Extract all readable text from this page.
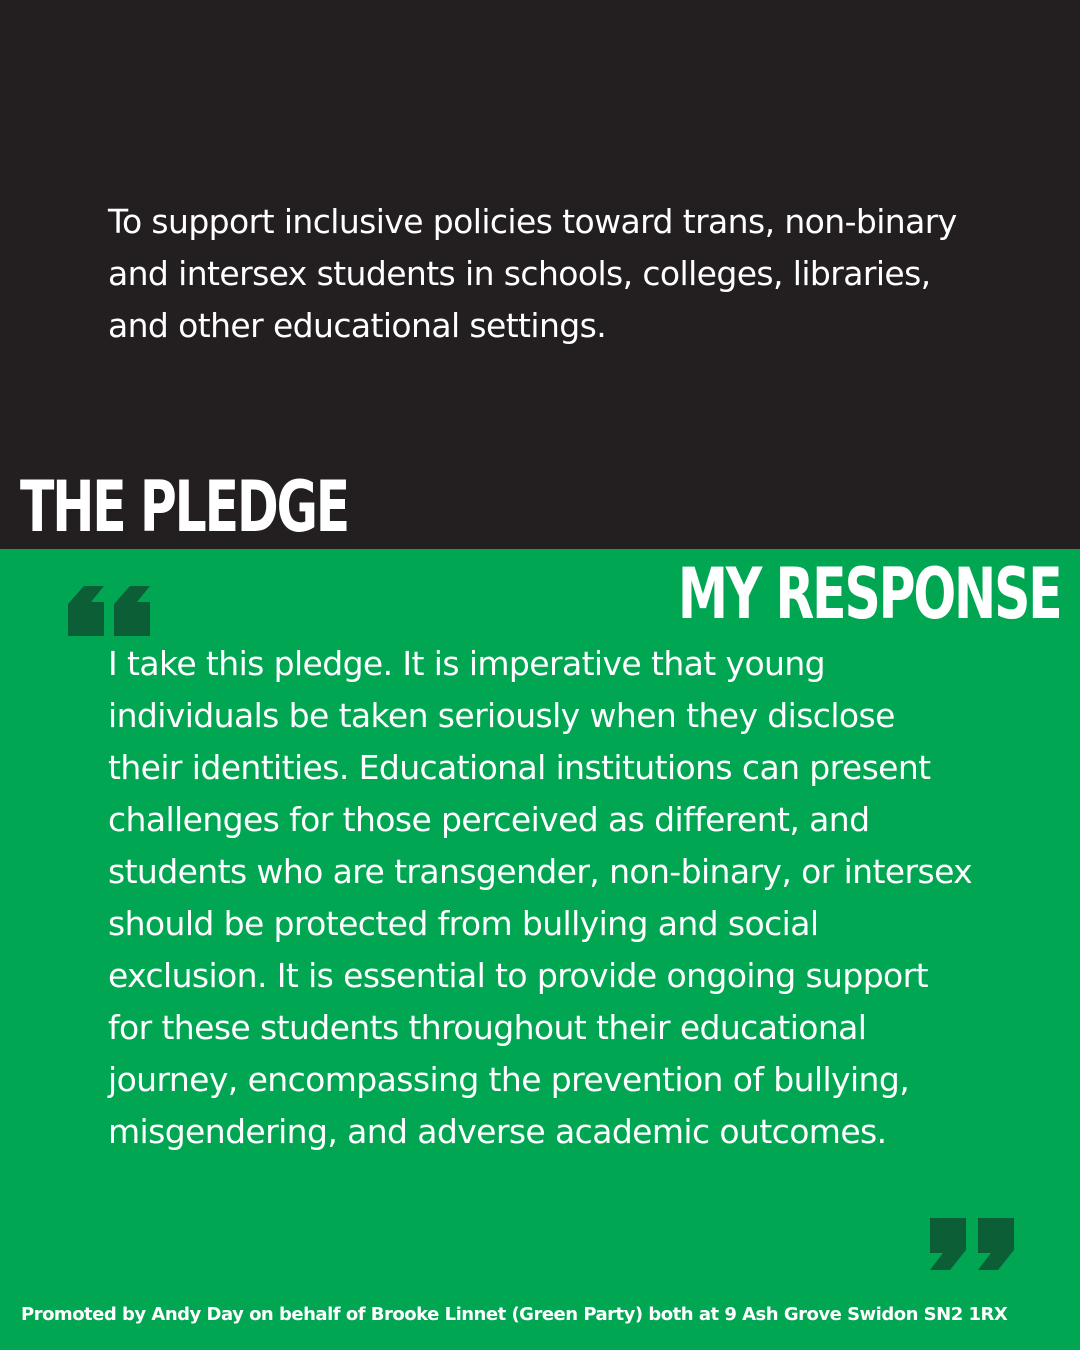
To support inclusive policies toward trans, non-binary and intersex students in schools, colleges, libraries, and other educational settings.

THE PLEDGE
MY RESPONSE

I take this pledge. It is imperative that young individuals be taken seriously when they disclose their identities. Educational institutions can present challenges for those perceived as different, and students who are transgender, non-binary, or intersex should be protected from bullying and social exclusion. It is essential to provide ongoing support for these students throughout their educational journey, encompassing the prevention of bullying, misgendering, and adverse academic outcomes.

Promoted by Andy Day on behalf of Brooke Linnet (Green Party) both at 9 Ash Grove Swidon SN2 1RX
